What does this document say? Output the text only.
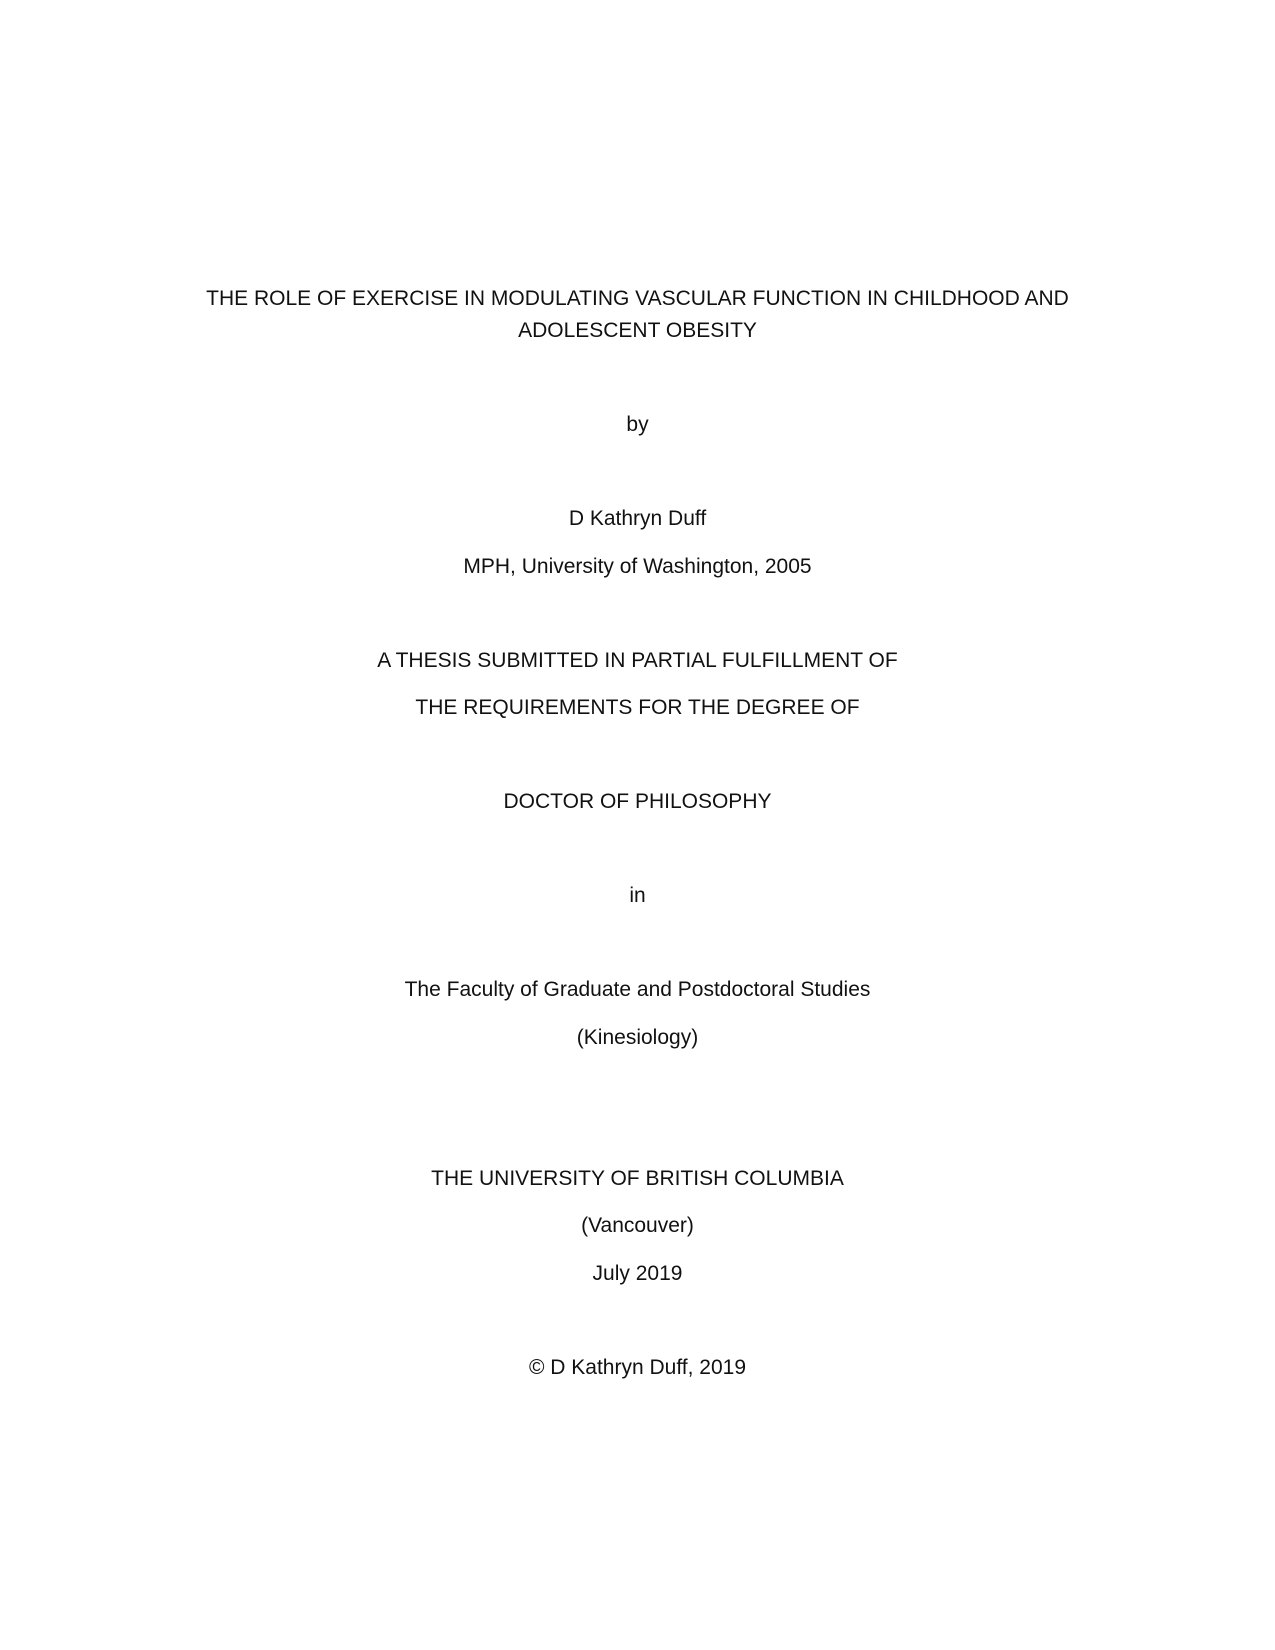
THE ROLE OF EXERCISE IN MODULATING VASCULAR FUNCTION IN CHILDHOOD AND
ADOLESCENT OBESITY
by
D Kathryn Duff
MPH, University of Washington, 2005
A THESIS SUBMITTED IN PARTIAL FULFILLMENT OF
THE REQUIREMENTS FOR THE DEGREE OF
DOCTOR OF PHILOSOPHY
in
The Faculty of Graduate and Postdoctoral Studies
(Kinesiology)
THE UNIVERSITY OF BRITISH COLUMBIA
(Vancouver)
July 2019
© D Kathryn Duff, 2019
